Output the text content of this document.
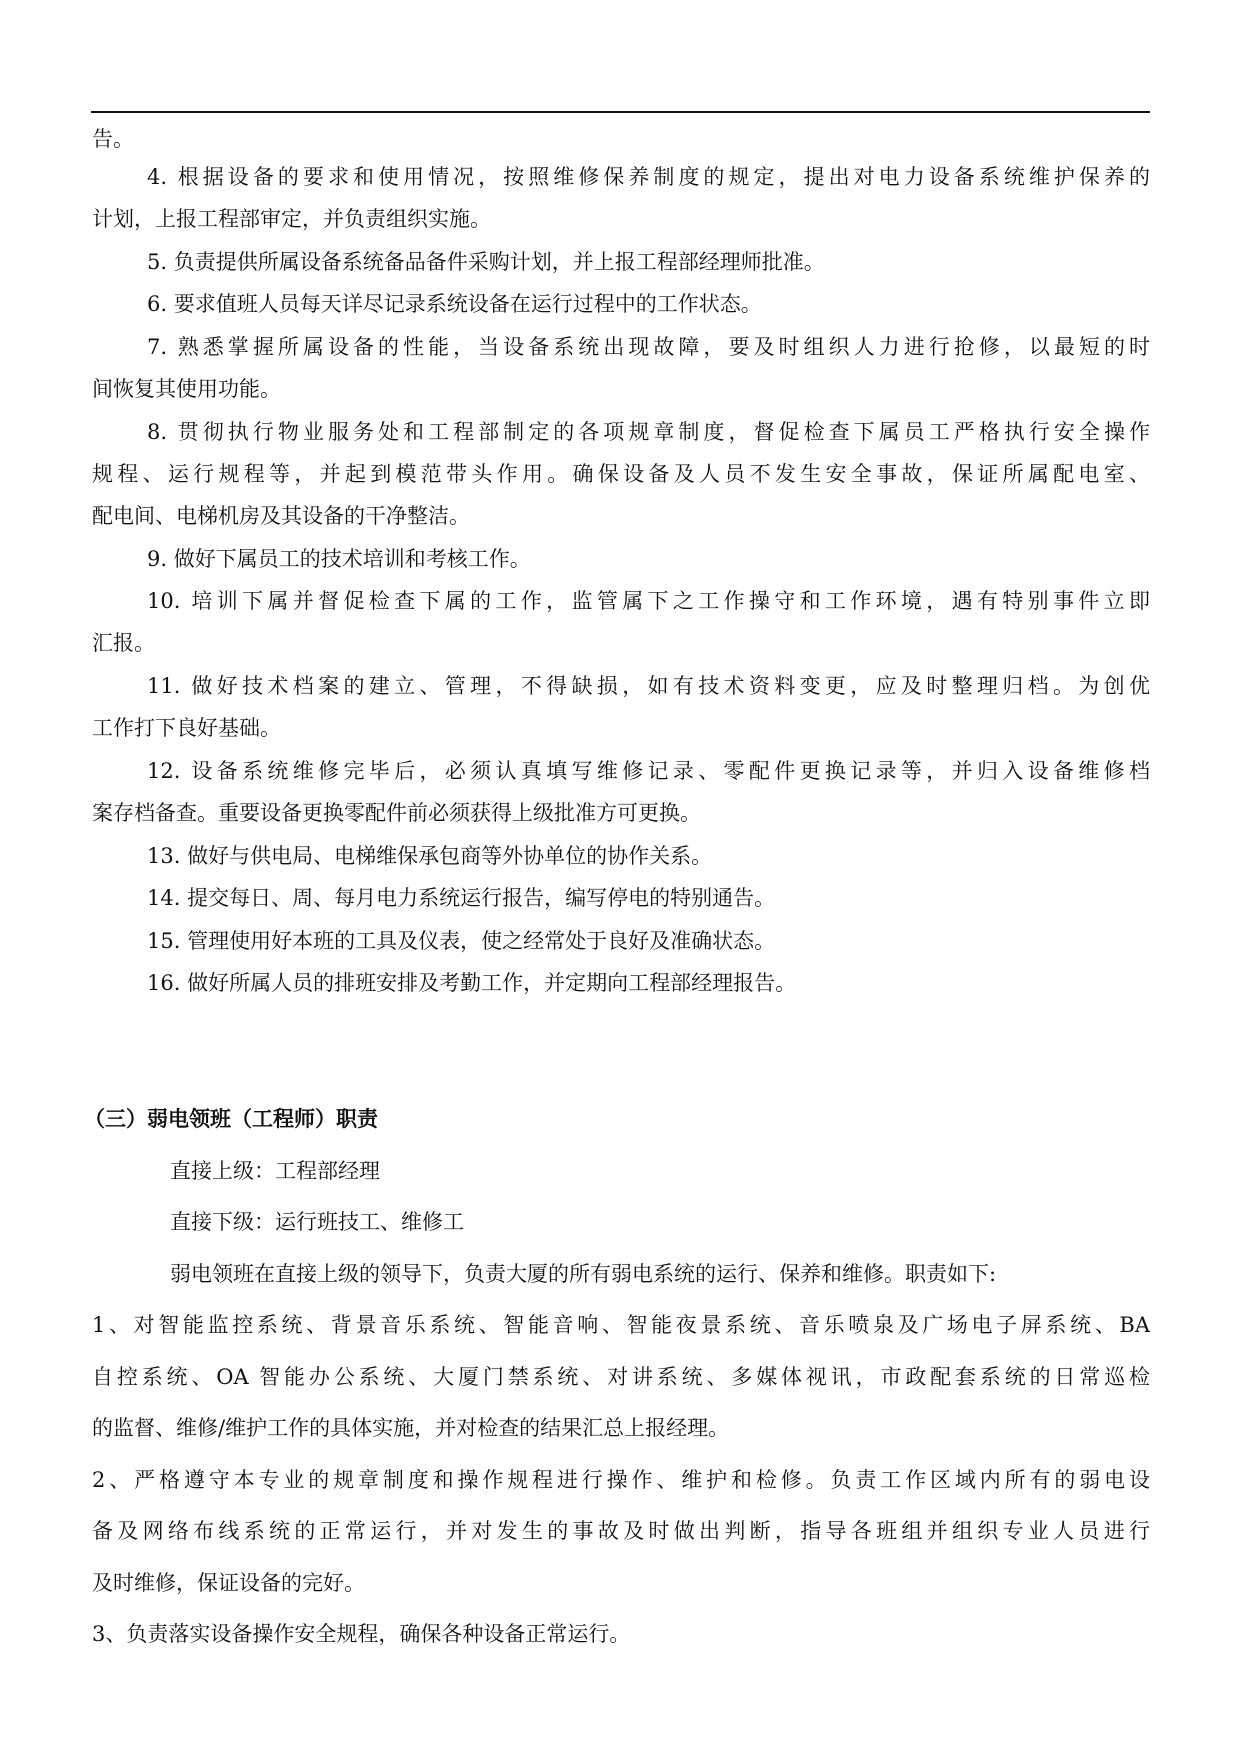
告。
4. 根据设备的要求和使用情况，按照维修保养制度的规定，提出对电力设备系统维护保养的
计划，上报工程部审定，并负责组织实施。
5. 负责提供所属设备系统备品备件采购计划，并上报工程部经理师批准。
6. 要求值班人员每天详尽记录系统设备在运行过程中的工作状态。
7. 熟悉掌握所属设备的性能，当设备系统出现故障，要及时组织人力进行抢修，以最短的时
间恢复其使用功能。
8. 贯彻执行物业服务处和工程部制定的各项规章制度，督促检查下属员工严格执行安全操作
规程、运行规程等，并起到模范带头作用。确保设备及人员不发生安全事故，保证所属配电室、
配电间、电梯机房及其设备的干净整洁。
9. 做好下属员工的技术培训和考核工作。
10. 培训下属并督促检查下属的工作，监管属下之工作操守和工作环境，遇有特别事件立即
汇报。
11. 做好技术档案的建立、管理，不得缺损，如有技术资料变更，应及时整理归档。为创优
工作打下良好基础。
12. 设备系统维修完毕后，必须认真填写维修记录、零配件更换记录等，并归入设备维修档
案存档备查。重要设备更换零配件前必须获得上级批准方可更换。
13. 做好与供电局、电梯维保承包商等外协单位的协作关系。
14. 提交每日、周、每月电力系统运行报告，编写停电的特别通告。
15. 管理使用好本班的工具及仪表，使之经常处于良好及准确状态。
16. 做好所属人员的排班安排及考勤工作，并定期向工程部经理报告。
（三）弱电领班（工程师）职责
直接上级：工程部经理
直接下级：运行班技工、维修工
弱电领班在直接上级的领导下，负责大厦的所有弱电系统的运行、保养和维修。职责如下:
1、对智能监控系统、背景音乐系统、智能音响、智能夜景系统、音乐喷泉及广场电子屏系统、BA
自控系统、OA 智能办公系统、大厦门禁系统、对讲系统、多媒体视讯，市政配套系统的日常巡检
的监督、维修/维护工作的具体实施，并对检查的结果汇总上报经理。
2、严格遵守本专业的规章制度和操作规程进行操作、维护和检修。负责工作区域内所有的弱电设
备及网络布线系统的正常运行，并对发生的事故及时做出判断，指导各班组并组织专业人员进行
及时维修，保证设备的完好。
3、负责落实设备操作安全规程，确保各种设备正常运行。
